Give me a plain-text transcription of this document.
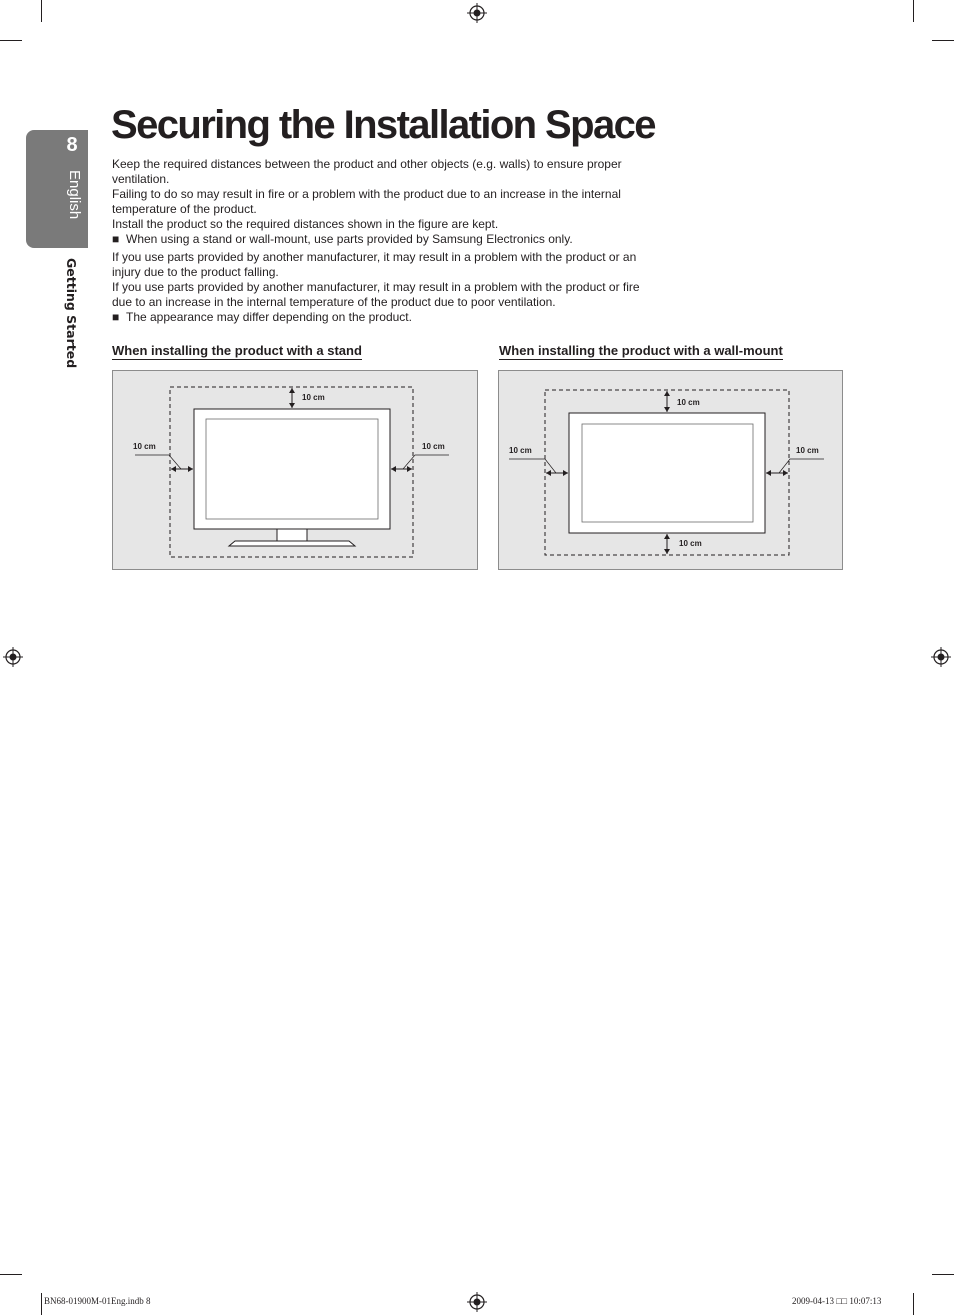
8
English
Getting Started
Securing the Installation Space

Keep the required distances between the product and other objects (e.g. walls) to ensure proper ventilation.

Failing to do so may result in fire or a problem with the product due to an increase in the internal temperature of the product.

Install the product so the required distances shown in the figure are kept.

■ When using a stand or wall-mount, use parts provided by Samsung Electronics only.

If you use parts provided by another manufacturer, it may result in a problem with the product or an injury due to the product falling.

If you use parts provided by another manufacturer, it may result in a problem with the product or fire due to an increase in the internal temperature of the product due to poor ventilation.

■ The appearance may differ depending on the product.
When installing the product with a stand	When installing the product with a wall-mount
10 cm
10 cm	10 cm
10 cm
10 cm	10 cm
10 cm
BN68-01900M-01Eng.indb 8	2009-04-13 □□ 10:07:13
